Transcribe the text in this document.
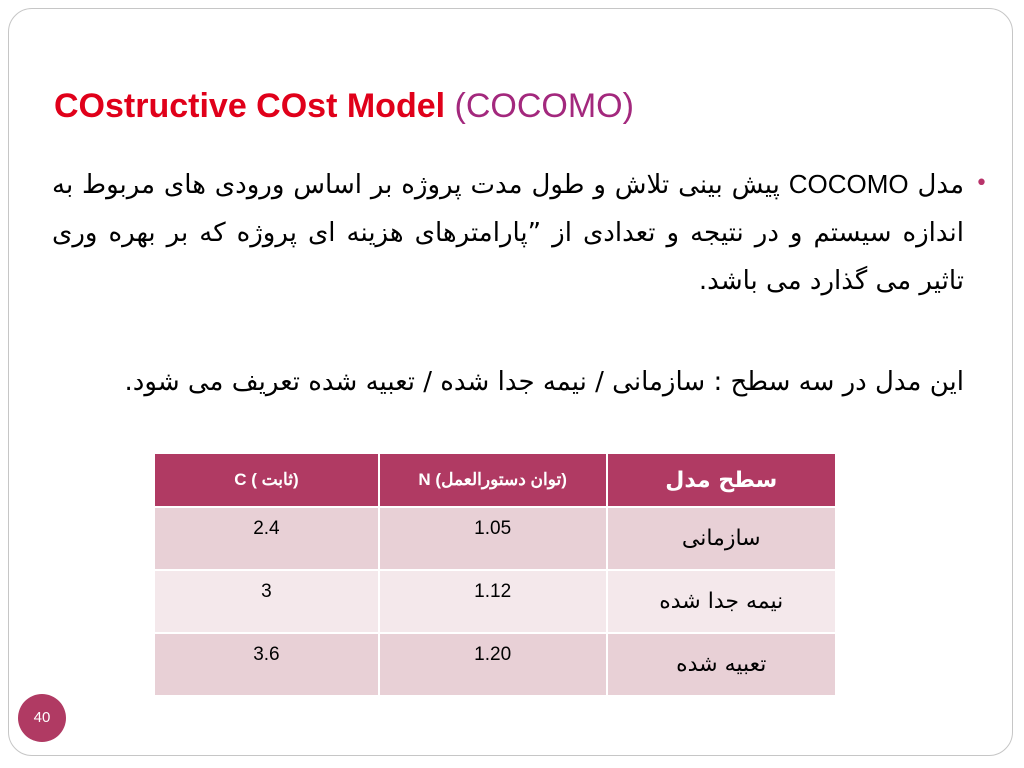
COstructive COst Model (COCOMO)
•
مدل COCOMO پیش بینی تلاش و طول مدت پروژه بر اساس ورودی های مربوط به اندازه سیستم و در نتیجه و تعدادی از ”پارامترهای هزینه ای پروژه که بر بهره وری تاثیر می گذارد می باشد.
این مدل در سه سطح : سازمانی / نیمه جدا شده / تعبیه شده تعریف می شود.
C ( ثابت)	N (توان دستورالعمل)	سطح مدل
2.4	1.05	سازمانی
3	1.12	نیمه جدا شده
3.6	1.20	تعبیه شده
40
